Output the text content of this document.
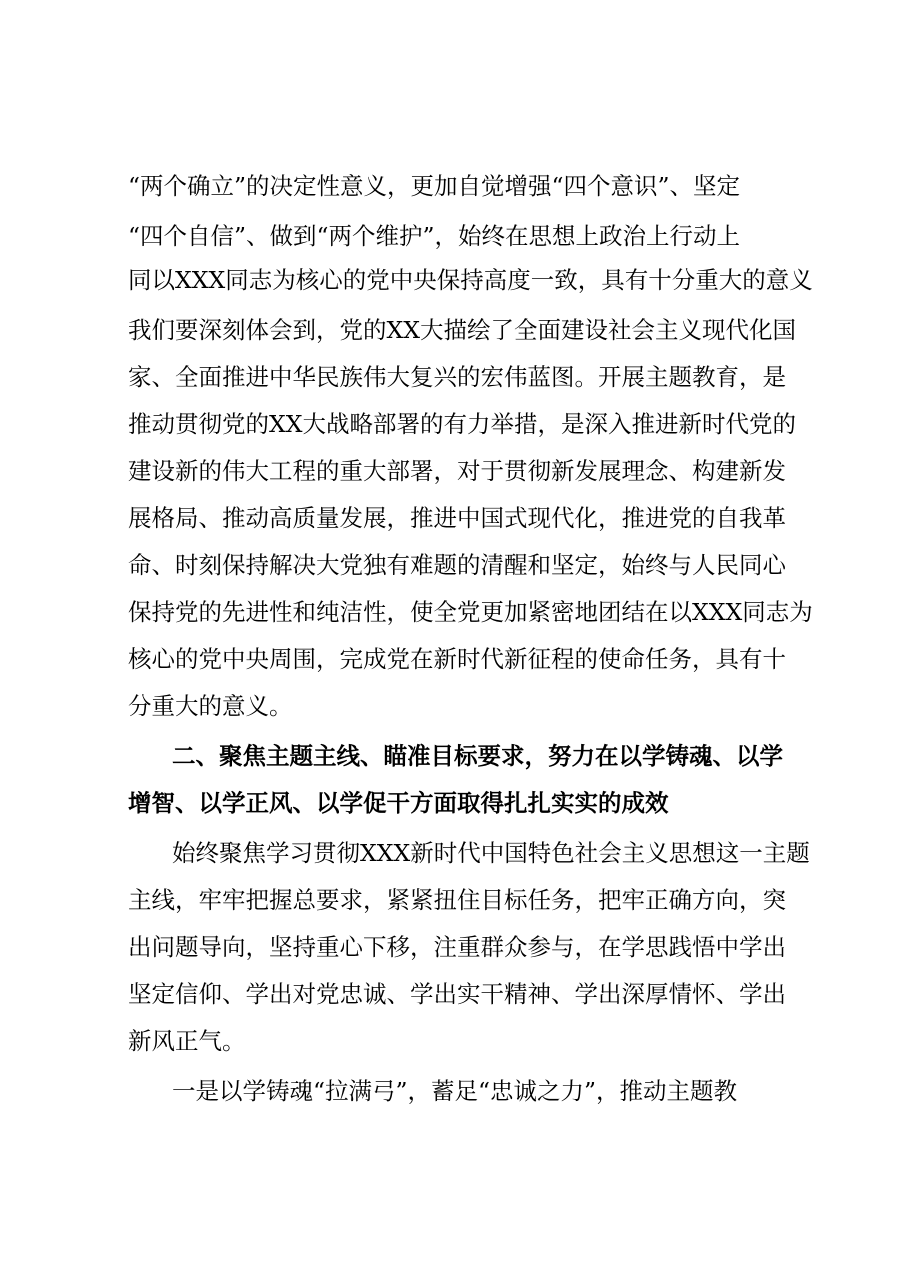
“两个确立”的决定性意义，更加自觉增强“四个意识”、坚定
“四个自信”、做到“两个维护”，始终在思想上政治上行动上
同以XXX同志为核心的党中央保持高度一致，具有十分重大的意义
我们要深刻体会到，党的XX大描绘了全面建设社会主义现代化国
家、全面推进中华民族伟大复兴的宏伟蓝图。开展主题教育，是
推动贯彻党的XX大战略部署的有力举措，是深入推进新时代党的
建设新的伟大工程的重大部署，对于贯彻新发展理念、构建新发
展格局、推动高质量发展，推进中国式现代化，推进党的自我革
命、时刻保持解决大党独有难题的清醒和坚定，始终与人民同心
保持党的先进性和纯洁性，使全党更加紧密地团结在以XXX同志为
核心的党中央周围，完成党在新时代新征程的使命任务，具有十
分重大的意义。
二、聚焦主题主线、瞄准目标要求，努力在以学铸魂、以学
增智、以学正风、以学促干方面取得扎扎实实的成效
始终聚焦学习贯彻XXX新时代中国特色社会主义思想这一主题
主线，牢牢把握总要求，紧紧扭住目标任务，把牢正确方向，突
出问题导向，坚持重心下移，注重群众参与，在学思践悟中学出
坚定信仰、学出对党忠诚、学出实干精神、学出深厚情怀、学出
新风正气。
一是以学铸魂“拉满弓”，蓄足“忠诚之力”，推动主题教
